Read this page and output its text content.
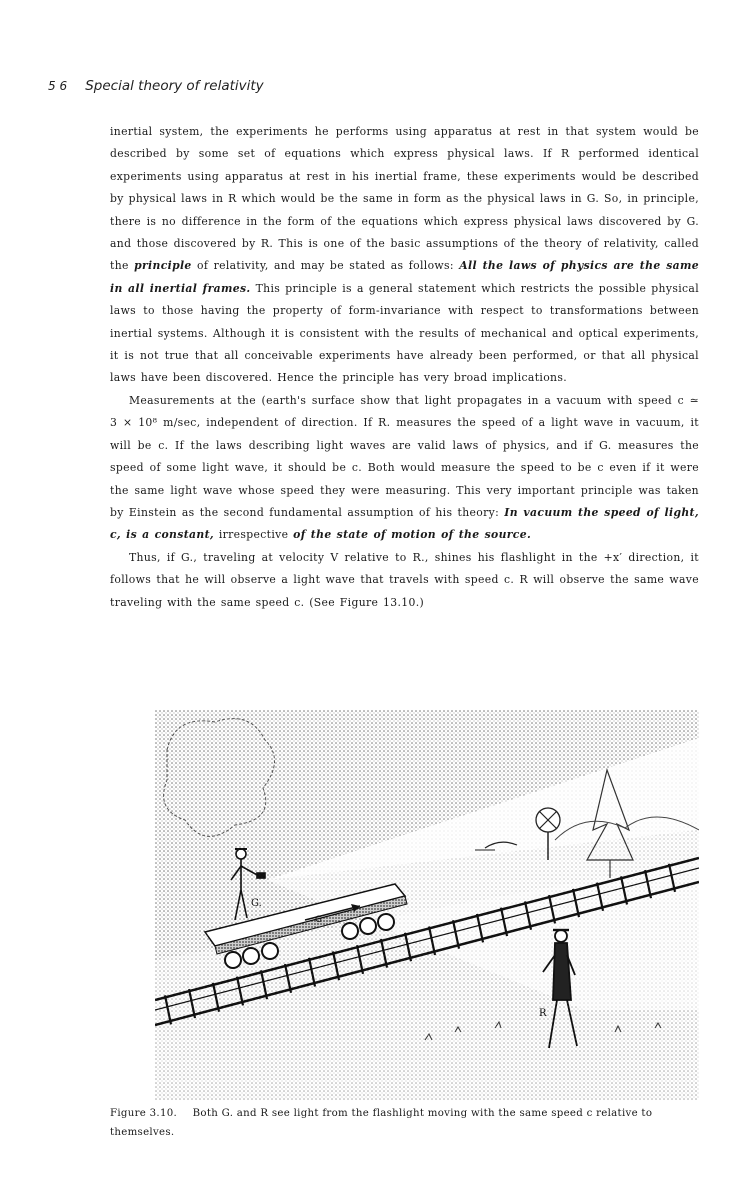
5 6 Special theory of relativity

inertial system, the experiments he performs using apparatus at rest in that system would be described by some set of equations which express physical laws. If R performed identical experiments using apparatus at rest in his inertial frame, these experiments would be described by physical laws in R which would be the same in form as the physical laws in G. So, in principle, there is no difference in the form of the equations which express physical laws discovered by G. and those discovered by R. This is one of the basic assumptions of the theory of relativity, called the principle of relativity, and may be stated as follows: All the laws of physics are the same in all inertial frames. This principle is a general statement which restricts the possible physical laws to those having the property of form-invariance with respect to transformations between inertial systems. Although it is consistent with the results of mechanical and optical experiments, it is not true that all conceivable experiments have already been performed, or that all physical laws have been discovered. Hence the principle has very broad implications.

Measurements at the (earth's surface show that light propagates in a vacuum with speed c ≃ 3 × 10⁸ m/sec, independent of direction. If R. measures the speed of a light wave in vacuum, it will be c. If the laws describing light waves are valid laws of physics, and if G. measures the speed of some light wave, it should be c. Both would measure the speed to be c even if it were the same light wave whose speed they were measuring. This very important principle was taken by Einstein as the second fundamental assumption of his theory: In vacuum the speed of light, c, is a constant, irrespective of the state of motion of the source.

Thus, if G., traveling at velocity V relative to R., shines his flashlight in the +x′ direction, it follows that he will observe a light wave that travels with speed c. R will observe the same wave traveling with the same speed c. (See Figure 13.10.)

G
G.
R
Figure 3.10. Both G. and R see light from the flashlight moving with the same speed c relative to themselves.
